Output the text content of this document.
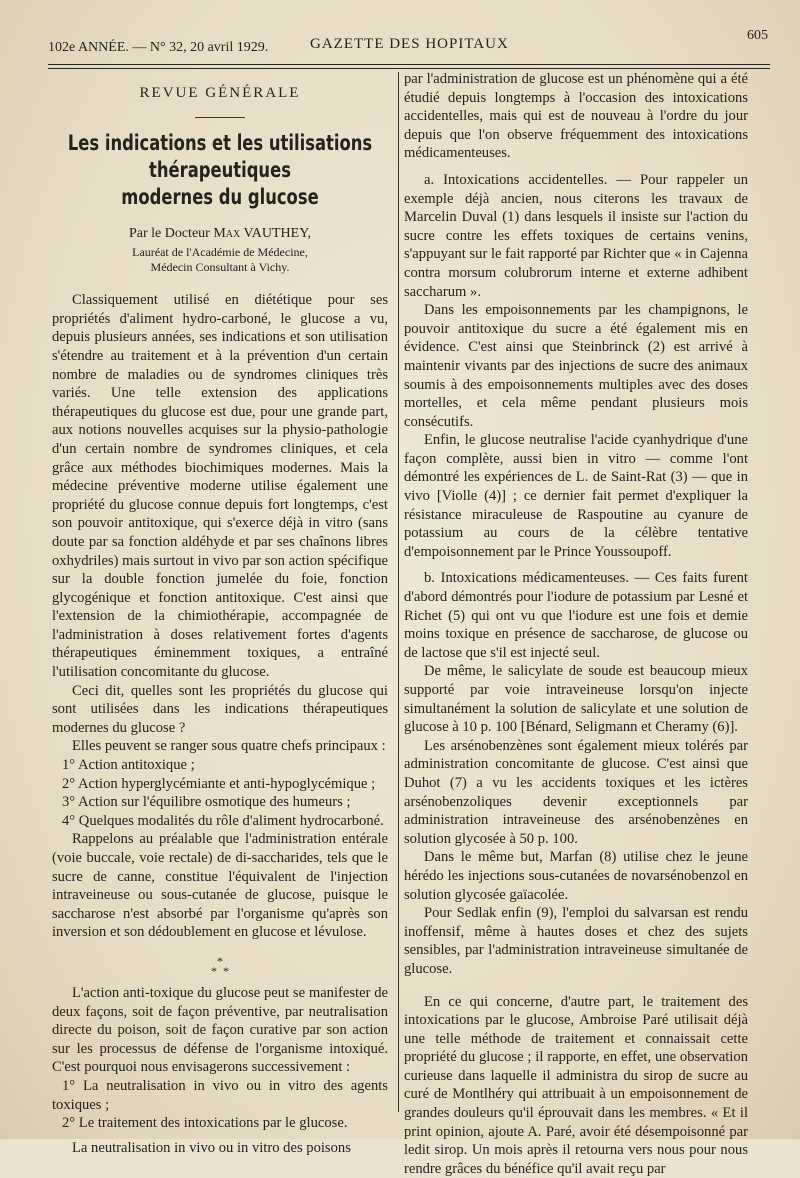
102e ANNÉE. — N° 32, 20 avril 1929.	GAZETTE DES HOPITAUX
605
REVUE GÉNÉRALE
Les indications et les utilisations thérapeutiques
modernes du glucose
Par le Docteur Max VAUTHEY,
Lauréat de l'Académie de Médecine,
Médecin Consultant à Vichy.

Classiquement utilisé en diététique pour ses propriétés d'aliment hydro-carboné, le glucose a vu, depuis plusieurs années, ses indications et son utilisation s'étendre au traitement et à la prévention d'un certain nombre de maladies ou de syndromes cliniques très variés. Une telle extension des applications thérapeutiques du glucose est due, pour une grande part, aux notions nouvelles acquises sur la physio-pathologie d'un certain nombre de syndromes cliniques, et cela grâce aux méthodes biochimiques modernes. Mais la médecine préventive moderne utilise également une propriété du glucose connue depuis fort longtemps, c'est son pouvoir antitoxique, qui s'exerce déjà in vitro (sans doute par sa fonction aldéhyde et par ses chaînons libres oxhydriles) mais surtout in vivo par son action spécifique sur la double fonction jumelée du foie, fonction glycogénique et fonction antitoxique. C'est ainsi que l'extension de la chimiothérapie, accompagnée de l'administration à doses relativement fortes d'agents thérapeutiques éminemment toxiques, a entraîné l'utilisation concomitante du glucose.

Ceci dit, quelles sont les propriétés du glucose qui sont utilisées dans les indications thérapeutiques modernes du glucose ?

Elles peuvent se ranger sous quatre chefs principaux :

1° Action antitoxique ;

2° Action hyperglycémiante et anti-hypoglycémique ;

3° Action sur l'équilibre osmotique des humeurs ;

4° Quelques modalités du rôle d'aliment hydrocarboné.

Rappelons au préalable que l'administration entérale (voie buccale, voie rectale) de di-saccharides, tels que le sucre de canne, constitue l'équivalent de l'injection intraveineuse ou sous-cutanée de glucose, puisque le saccharose n'est absorbé par l'organisme qu'après son inversion et son dédoublement en glucose et lévulose.

*
* *

L'action anti-toxique du glucose peut se manifester de deux façons, soit de façon préventive, par neutralisation directe du poison, soit de façon curative par son action sur les processus de défense de l'organisme intoxiqué. C'est pourquoi nous envisagerons successivement :

1° La neutralisation in vivo ou in vitro des agents toxiques ;

2° Le traitement des intoxications par le glucose.

La neutralisation in vivo ou in vitro des poisons

par l'administration de glucose est un phénomène qui a été étudié depuis longtemps à l'occasion des intoxications accidentelles, mais qui est de nouveau à l'ordre du jour depuis que l'on observe fréquemment des intoxications médicamenteuses.

a. Intoxications accidentelles. — Pour rappeler un exemple déjà ancien, nous citerons les travaux de Marcelin Duval (1) dans lesquels il insiste sur l'action du sucre contre les effets toxiques de certains venins, s'appuyant sur le fait rapporté par Richter que « in Cajenna contra morsum colubrorum interne et externe adhibent saccharum ».

Dans les empoisonnements par les champignons, le pouvoir antitoxique du sucre a été également mis en évidence. C'est ainsi que Steinbrinck (2) est arrivé à maintenir vivants par des injections de sucre des animaux soumis à des empoisonnements multiples avec des doses mortelles, et cela même pendant plusieurs mois consécutifs.

Enfin, le glucose neutralise l'acide cyanhydrique d'une façon complète, aussi bien in vitro — comme l'ont démontré les expériences de L. de Saint-Rat (3) — que in vivo [Violle (4)] ; ce dernier fait permet d'expliquer la résistance miraculeuse de Raspoutine au cyanure de potassium au cours de la célèbre tentative d'empoisonnement par le Prince Youssoupoff.

b. Intoxications médicamenteuses. — Ces faits furent d'abord démontrés pour l'iodure de potassium par Lesné et Richet (5) qui ont vu que l'iodure est une fois et demie moins toxique en présence de saccharose, de glucose ou de lactose que s'il est injecté seul.

De même, le salicylate de soude est beaucoup mieux supporté par voie intraveineuse lorsqu'on injecte simultanément la solution de salicylate et une solution de glucose à 10 p. 100 [Bénard, Seligmann et Cheramy (6)].

Les arsénobenzènes sont également mieux tolérés par administration concomitante de glucose. C'est ainsi que Duhot (7) a vu les accidents toxiques et les ictères arsénobenzoliques devenir exceptionnels par administration intraveineuse des arsénobenzènes en solution glycosée à 50 p. 100.

Dans le même but, Marfan (8) utilise chez le jeune hérédo les injections sous-cutanées de novarsénobenzol en solution glycosée gaïacolée.

Pour Sedlak enfin (9), l'emploi du salvarsan est rendu inoffensif, même à hautes doses et chez des sujets sensibles, par l'administration intraveineuse simultanée de glucose.

En ce qui concerne, d'autre part, le traitement des intoxications par le glucose, Ambroise Paré utilisait déjà une telle méthode de traitement et connaissait cette propriété du glucose ; il rapporte, en effet, une observation curieuse dans laquelle il administra du sirop de sucre au curé de Montlhéry qui attribuait à un empoisonnement de grandes douleurs qu'il éprouvait dans les membres. « Et il print opinion, ajoute A. Paré, avoir été désempoisonné par ledit sirop. Un mois après il retourna vers nous pour nous rendre grâces du bénéfice qu'il avait reçu par
